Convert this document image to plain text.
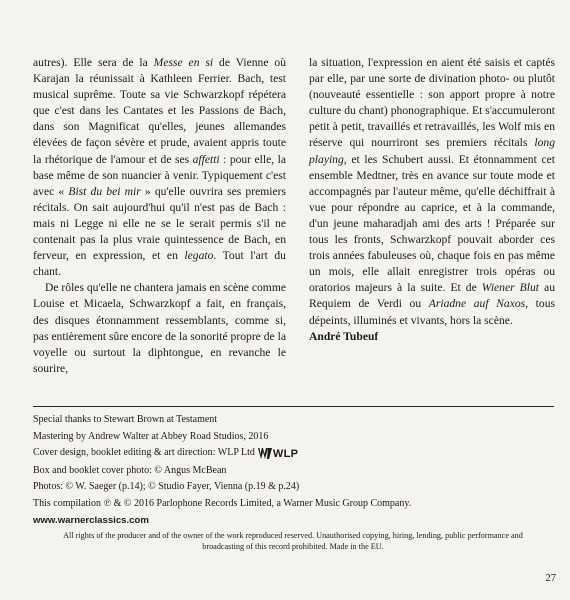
autres). Elle sera de la Messe en si de Vienne où Karajan la réunissait à Kathleen Ferrier. Bach, test musical suprême. Toute sa vie Schwarzkopf répétera que c'est dans les Cantates et les Passions de Bach, dans son Magnificat qu'elles, jeunes allemandes élevées de façon sévère et prude, avaient appris toute la rhétorique de l'amour et de ses affetti : pour elle, la base même de son nuancier à venir. Typiquement c'est avec « Bist du bei mir » qu'elle ouvrira ses premiers récitals. On sait aujourd'hui qu'il n'est pas de Bach : mais ni Legge ni elle ne se le serait permis s'il ne contenait pas la plus vraie quintessence de Bach, en ferveur, en expression, et en legato. Tout l'art du chant.

De rôles qu'elle ne chantera jamais en scène comme Louise et Micaela, Schwarzkopf a fait, en français, des disques étonnamment ressemblants, comme si, pas entièrement sûre encore de la sonorité propre de la voyelle ou surtout la diphtongue, en revanche le sourire,

la situation, l'expression en aient été saisis et captés par elle, par une sorte de divination photo- ou plutôt (nouveauté essentielle : son apport propre à notre culture du chant) phonographique. Et s'accumuleront petit à petit, travaillés et retravaillés, les Wolf mis en réserve qui nourriront ses premiers récitals long playing, et les Schubert aussi. Et étonnamment cet ensemble Medtner, très en avance sur toute mode et accompagnés par l'auteur même, qu'elle déchiffrait à vue pour répondre au caprice, et à la commande, d'un jeune maharadjah ami des arts ! Préparée sur tous les fronts, Schwarzkopf pouvait aborder ces trois années fabuleuses où, chaque fois en pas même un mois, elle allait enregistrer trois opéras ou oratorios majeurs à la suite. Et de Wiener Blut au Requiem de Verdi ou Ariadne auf Naxos, tous dépeints, illuminés et vivants, hors la scène.

André Tubeuf

Special thanks to Stewart Brown at Testament
Mastering by Andrew Walter at Abbey Road Studios, 2016
Cover design, booklet editing & art direction: WLP Ltd WLP
Box and booklet cover photo: © Angus McBean
Photos: © W. Saeger (p.14); © Studio Fayer, Vienna (p.19 & p.24)
This compilation ℗ & © 2016 Parlophone Records Limited, a Warner Music Group Company.
www.warnerclassics.com
All rights of the producer and of the owner of the work reproduced reserved. Unauthorised copying, hiring, lending, public performance and broadcasting of this record prohibited. Made in the EU.
27
